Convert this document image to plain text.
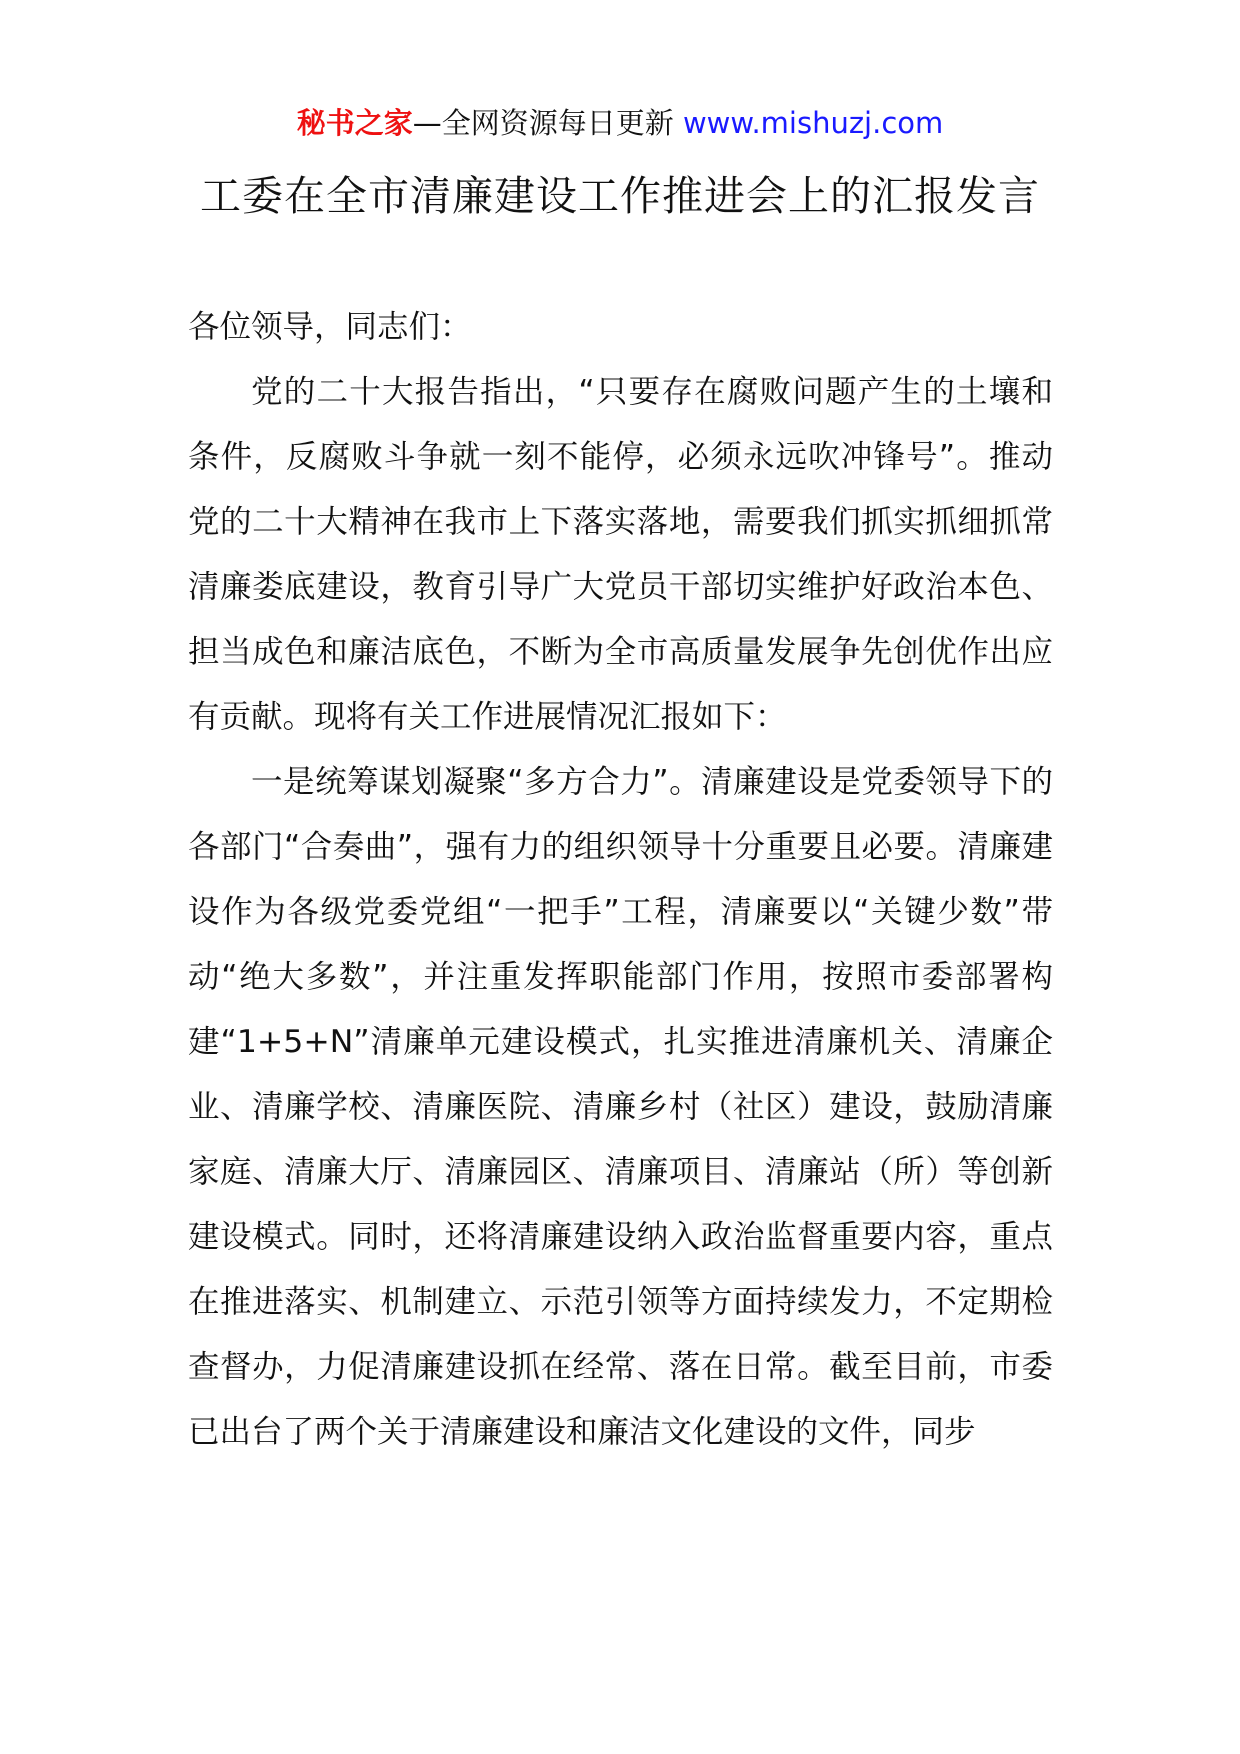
秘书之家—全网资源每日更新 www.mishuzj.com
工委在全市清廉建设工作推进会上的汇报发言

各位领导，同志们：

党的二十大报告指出，“只要存在腐败问题产生的土壤和条件，反腐败斗争就一刻不能停，必须永远吹冲锋号”。推动党的二十大精神在我市上下落实落地，需要我们抓实抓细抓常清廉娄底建设，教育引导广大党员干部切实维护好政治本色、担当成色和廉洁底色，不断为全市高质量发展争先创优作出应有贡献。现将有关工作进展情况汇报如下：

一是统筹谋划凝聚“多方合力”。清廉建设是党委领导下的各部门“合奏曲”，强有力的组织领导十分重要且必要。清廉建设作为各级党委党组“一把手”工程，清廉要以“关键少数”带动“绝大多数”，并注重发挥职能部门作用，按照市委部署构建“1+5+N”清廉单元建设模式，扎实推进清廉机关、清廉企业、清廉学校、清廉医院、清廉乡村（社区）建设，鼓励清廉家庭、清廉大厅、清廉园区、清廉项目、清廉站（所）等创新建设模式。同时，还将清廉建设纳入政治监督重要内容，重点在推进落实、机制建立、示范引领等方面持续发力，不定期检查督办，力促清廉建设抓在经常、落在日常。截至目前，市委已出台了两个关于清廉建设和廉洁文化建设的文件，同步
